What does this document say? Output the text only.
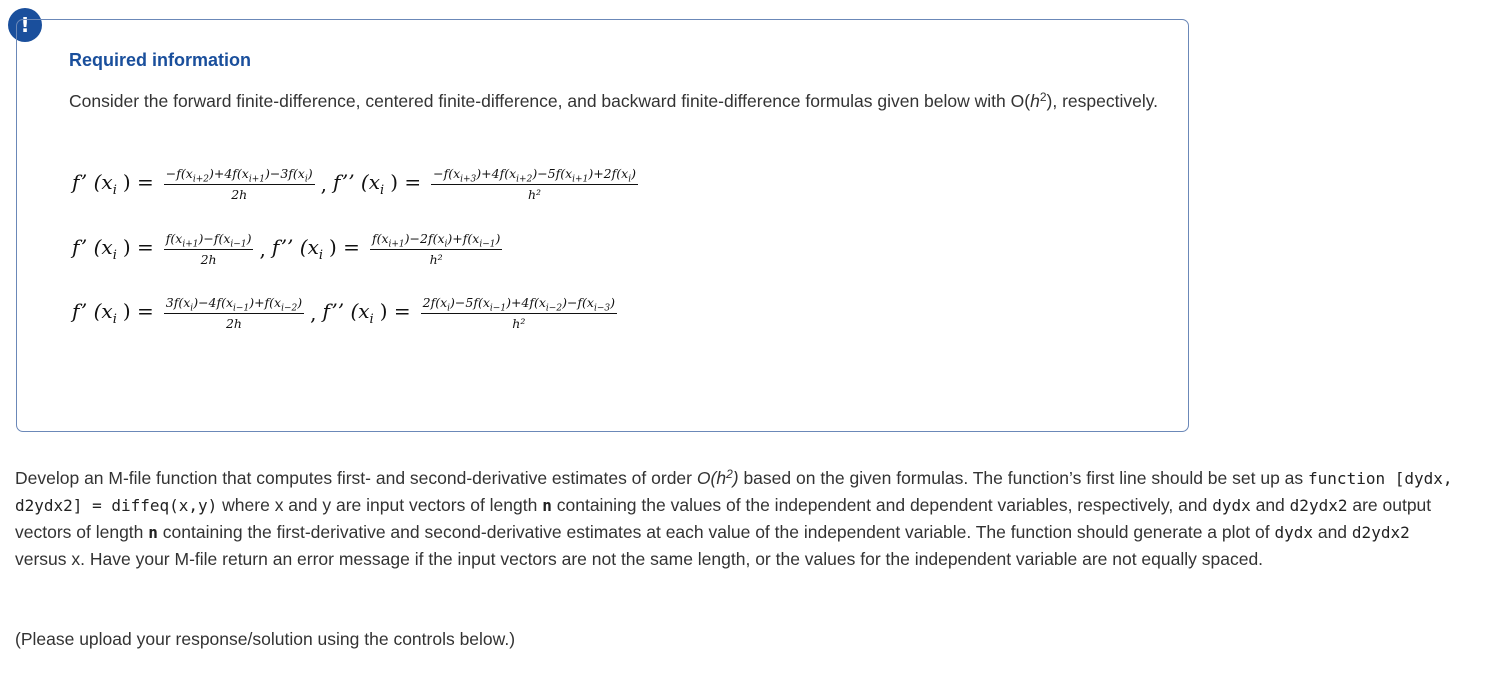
!
Required information

Consider the forward finite-difference, centered finite-difference, and backward finite-difference formulas given below with $O(h^2)$, respectively.

f’ ($x_i$ ) = $\frac{-f(x_{i+2})+4f(x_{i+1})-3f(x_i)}{2h}$ , f’’ ($x_i$ ) = $\frac{-f(x_{i+3})+4f(x_{i+2})-5f(x_{i+1})+2f(x_i)}{\text{h²}}$
f’ ($x_i$ ) = $\frac{f(x_{i+1})-f(x_{i-1})}{2h}$ , f’’ ($x_i$ ) = $\frac{f(x_{i+1})-2f(x_i)+f(x_{i-1})}{\text{h²}}$
f’ ($x_i$ ) = $\frac{3f(x_i)-4f(x_{i-1})+f(x_{i-2})}{2h}$ , f’’ ($x_i$ ) = $\frac{2f(x_i)-5f(x_{i-1})+4f(x_{i-2})-f(x_{i-3})}{\text{h²}}$

Develop an M-file function that computes first- and second-derivative estimates of order $O(h^2)$ based on the given formulas. The function’s first line should be set up as function [dydx, d2ydx2] = diffeq(x,y) where x and y are input vectors of length n containing the values of the independent and dependent variables, respectively, and dydx and d2ydx2 are output vectors of length n containing the first-derivative and second-derivative estimates at each value of the independent variable. The function should generate a plot of dydx and d2ydx2 versus x. Have your M-file return an error message if the input vectors are not the same length, or the values for the independent variable are not equally spaced.

(Please upload your response/solution using the controls below.)
